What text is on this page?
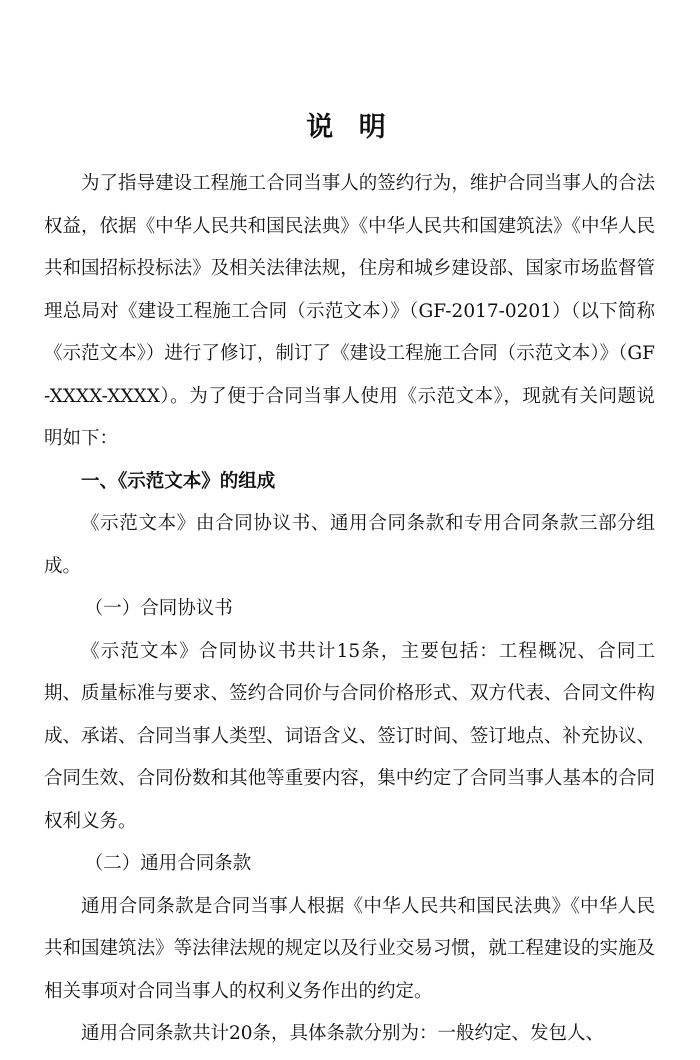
说 明

为了指导建设工程施工合同当事人的签约行为，维护合同当事人的合法权益，依据《中华人民共和国民法典》《中华人民共和国建筑法》《中华人民共和国招标投标法》及相关法律法规，住房和城乡建设部、国家市场监督管理总局对《建设工程施工合同（示范文本）》（GF-2017-0201）（以下简称《示范文本》）进行了修订，制订了《建设工程施工合同（示范文本）》（GF-XXXX-XXXX）。为了便于合同当事人使用《示范文本》，现就有关问题说明如下：

一、《示范文本》的组成

《示范文本》由合同协议书、通用合同条款和专用合同条款三部分组成。

（一）合同协议书

《示范文本》合同协议书共计15条，主要包括：工程概况、合同工期、质量标准与要求、签约合同价与合同价格形式、双方代表、合同文件构成、承诺、合同当事人类型、词语含义、签订时间、签订地点、补充协议、合同生效、合同份数和其他等重要内容，集中约定了合同当事人基本的合同权利义务。

（二）通用合同条款

通用合同条款是合同当事人根据《中华人民共和国民法典》《中华人民共和国建筑法》等法律法规的规定以及行业交易习惯，就工程建设的实施及相关事项对合同当事人的权利义务作出的约定。

通用合同条款共计20条，具体条款分别为：一般约定、发包人、
